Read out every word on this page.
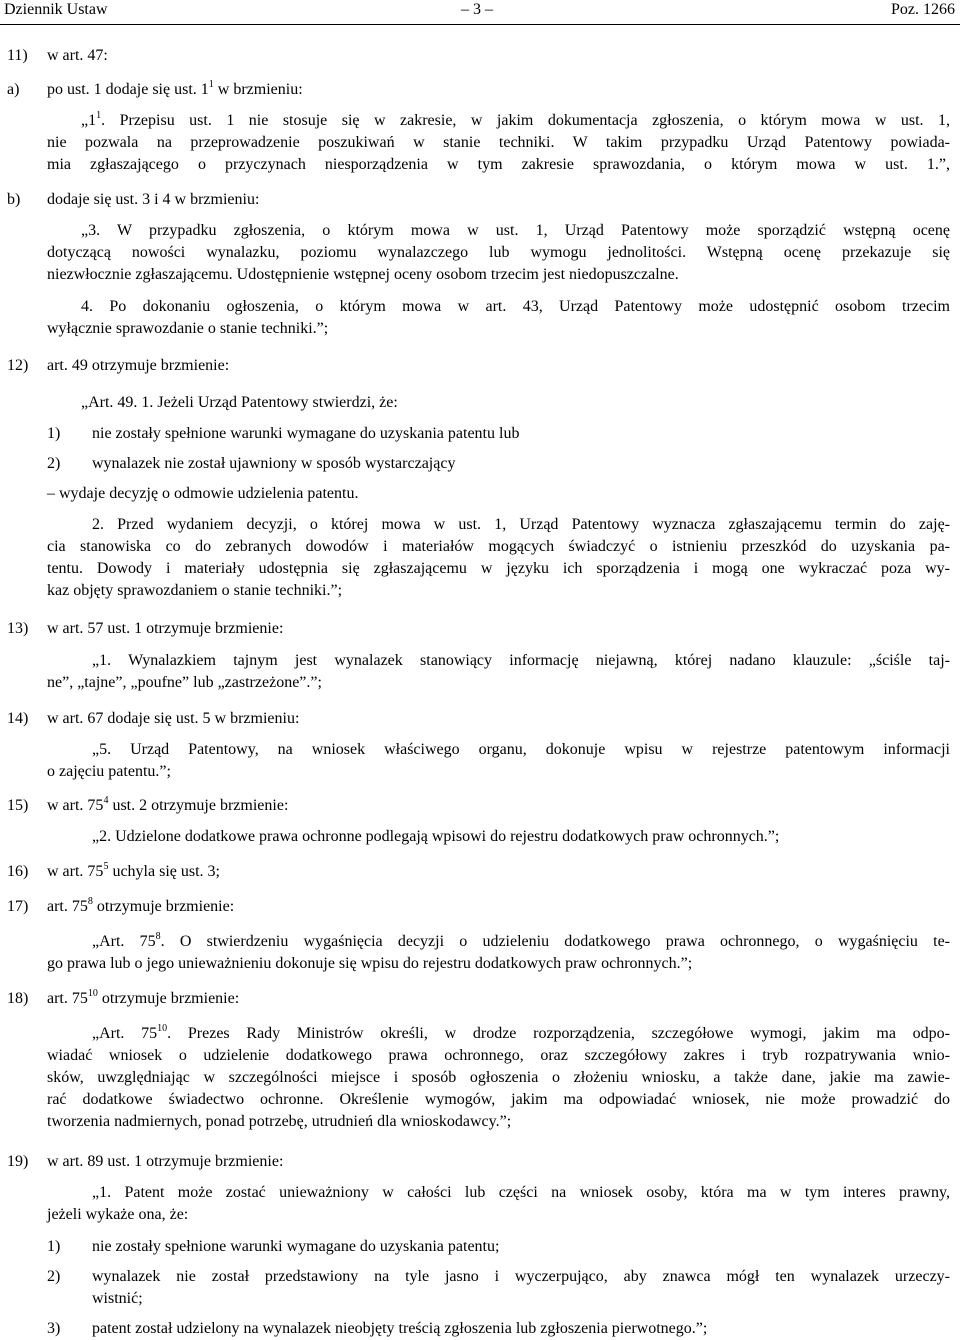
Dziennik Ustaw	– 3 –	Poz. 1266
11) w art. 47:
a) po ust. 1 dodaje się ust. $1^1$ w brzmieniu:
$„1^1$. Przepisu ust. 1 nie stosuje się w zakresie, w jakim dokumentacja zgłoszenia, o którym mowa w ust. 1,
nie pozwala na przeprowadzenie poszukiwań w stanie techniki. W takim przypadku Urząd Patentowy powiada-
mia zgłaszającego o przyczynach niesporządzenia w tym zakresie sprawozdania, o którym mowa w ust. 1.”,
b) dodaje się ust. 3 i 4 w brzmieniu:
„3. W przypadku zgłoszenia, o którym mowa w ust. 1, Urząd Patentowy może sporządzić wstępną ocenę
dotyczącą nowości wynalazku, poziomu wynalazczego lub wymogu jednolitości. Wstępną ocenę przekazuje się
niezwłocznie zgłaszającemu. Udostępnienie wstępnej oceny osobom trzecim jest niedopuszczalne.
4. Po dokonaniu ogłoszenia, o którym mowa w art. 43, Urząd Patentowy może udostępnić osobom trzecim
wyłącznie sprawozdanie o stanie techniki.”;
12) art. 49 otrzymuje brzmienie:
„Art. 49. 1. Jeżeli Urząd Patentowy stwierdzi, że:
1) nie zostały spełnione warunki wymagane do uzyskania patentu lub
2) wynalazek nie został ujawniony w sposób wystarczający
– wydaje decyzję o odmowie udzielenia patentu.
2. Przed wydaniem decyzji, o której mowa w ust. 1, Urząd Patentowy wyznacza zgłaszającemu termin do zaję-
cia stanowiska co do zebranych dowodów i materiałów mogących świadczyć o istnieniu przeszkód do uzyskania pa-
tentu. Dowody i materiały udostępnia się zgłaszającemu w języku ich sporządzenia i mogą one wykraczać poza wy-
kaz objęty sprawozdaniem o stanie techniki.”;
13) w art. 57 ust. 1 otrzymuje brzmienie:
„1. Wynalazkiem tajnym jest wynalazek stanowiący informację niejawną, której nadano klauzule: „ściśle taj-
ne”, „tajne”, „poufne” lub „zastrzeżone”.”;
14) w art. 67 dodaje się ust. 5 w brzmieniu:
„5. Urząd Patentowy, na wniosek właściwego organu, dokonuje wpisu w rejestrze patentowym informacji
o zajęciu patentu.”;
15) w art. $75^4$ ust. 2 otrzymuje brzmienie:
„2. Udzielone dodatkowe prawa ochronne podlegają wpisowi do rejestru dodatkowych praw ochronnych.”;
16) w art. $75^5$ uchyla się ust. 3;
17) art. $75^8$ otrzymuje brzmienie:
„Art. $75^8$. O stwierdzeniu wygaśnięcia decyzji o udzieleniu dodatkowego prawa ochronnego, o wygaśnięciu te-
go prawa lub o jego unieważnieniu dokonuje się wpisu do rejestru dodatkowych praw ochronnych.”;
18) art. $75^{10}$ otrzymuje brzmienie:
„Art. $75^{10}$. Prezes Rady Ministrów określi, w drodze rozporządzenia, szczegółowe wymogi, jakim ma odpo-
wiadać wniosek o udzielenie dodatkowego prawa ochronnego, oraz szczegółowy zakres i tryb rozpatrywania wnio-
sków, uwzględniając w szczególności miejsce i sposób ogłoszenia o złożeniu wniosku, a także dane, jakie ma zawie-
rać dodatkowe świadectwo ochronne. Określenie wymogów, jakim ma odpowiadać wniosek, nie może prowadzić do
tworzenia nadmiernych, ponad potrzebę, utrudnień dla wnioskodawcy.”;
19) w art. 89 ust. 1 otrzymuje brzmienie:
„1. Patent może zostać unieważniony w całości lub części na wniosek osoby, która ma w tym interes prawny,
jeżeli wykaże ona, że:
1) nie zostały spełnione warunki wymagane do uzyskania patentu;
2) wynalazek nie został przedstawiony na tyle jasno i wyczerpująco, aby znawca mógł ten wynalazek urzeczy-
wistnić;
3) patent został udzielony na wynalazek nieobjęty treścią zgłoszenia lub zgłoszenia pierwotnego.”;
